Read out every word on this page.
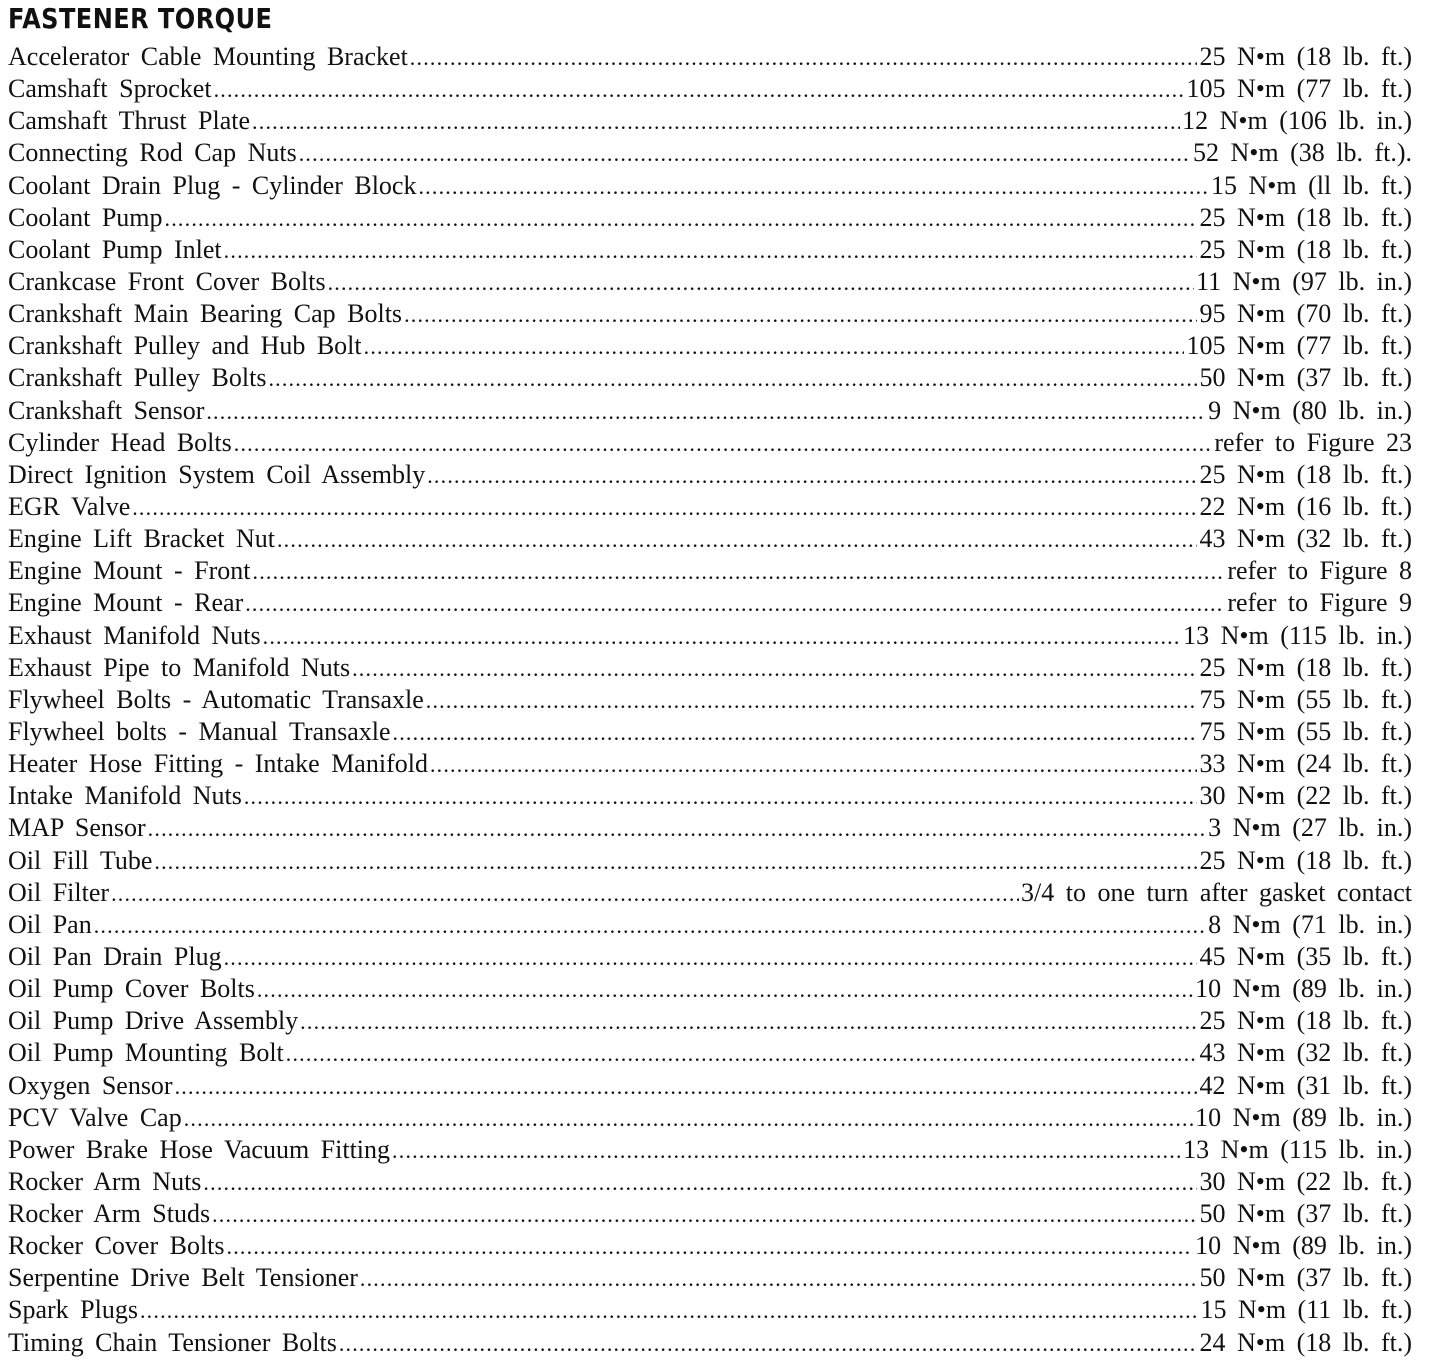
FASTENER TORQUE
Accelerator Cable Mounting Bracket .....	25 N•m (18 lb. ft.)
Camshaft Sprocket .....	105 N•m (77 lb. ft.)
Camshaft Thrust Plate .....	12 N•m (106 lb. in.)
Connecting Rod Cap Nuts .....	52 N•m (38 lb. ft.).
Coolant Drain Plug - Cylinder Block .....	15 N•m (ll lb. ft.)
Coolant Pump .....	25 N•m (18 lb. ft.)
Coolant Pump Inlet .....	25 N•m (18 lb. ft.)
Crankcase Front Cover Bolts .....	11 N•m (97 lb. in.)
Crankshaft Main Bearing Cap Bolts .....	95 N•m (70 lb. ft.)
Crankshaft Pulley and Hub Bolt .....	105 N•m (77 lb. ft.)
Crankshaft Pulley Bolts .....	50 N•m (37 lb. ft.)
Crankshaft Sensor .....	9 N•m (80 lb. in.)
Cylinder Head Bolts .....	refer to Figure 23
Direct Ignition System Coil Assembly .....	25 N•m (18 lb. ft.)
EGR Valve .....	22 N•m (16 lb. ft.)
Engine Lift Bracket Nut .....	43 N•m (32 lb. ft.)
Engine Mount - Front .....	refer to Figure 8
Engine Mount - Rear .....	refer to Figure 9
Exhaust Manifold Nuts .....	13 N•m (115 lb. in.)
Exhaust Pipe to Manifold Nuts .....	25 N•m (18 lb. ft.)
Flywheel Bolts - Automatic Transaxle .....	75 N•m (55 lb. ft.)
Flywheel bolts - Manual Transaxle .....	75 N•m (55 lb. ft.)
Heater Hose Fitting - Intake Manifold .....	33 N•m (24 lb. ft.)
Intake Manifold Nuts .....	30 N•m (22 lb. ft.)
MAP Sensor .....	3 N•m (27 lb. in.)
Oil Fill Tube .....	25 N•m (18 lb. ft.)
Oil Filter .....	3/4 to one turn after gasket contact
Oil Pan .....	8 N•m (71 lb. in.)
Oil Pan Drain Plug .....	45 N•m (35 lb. ft.)
Oil Pump Cover Bolts .....	10 N•m (89 lb. in.)
Oil Pump Drive Assembly .....	25 N•m (18 lb. ft.)
Oil Pump Mounting Bolt .....	43 N•m (32 lb. ft.)
Oxygen Sensor .....	42 N•m (31 lb. ft.)
PCV Valve Cap .....	10 N•m (89 lb. in.)
Power Brake Hose Vacuum Fitting .....	13 N•m (115 lb. in.)
Rocker Arm Nuts .....	30 N•m (22 lb. ft.)
Rocker Arm Studs .....	50 N•m (37 lb. ft.)
Rocker Cover Bolts .....	10 N•m (89 lb. in.)
Serpentine Drive Belt Tensioner .....	50 N•m (37 lb. ft.)
Spark Plugs .....	15 N•m (11 lb. ft.)
Timing Chain Tensioner Bolts .....	24 N•m (18 lb. ft.)
